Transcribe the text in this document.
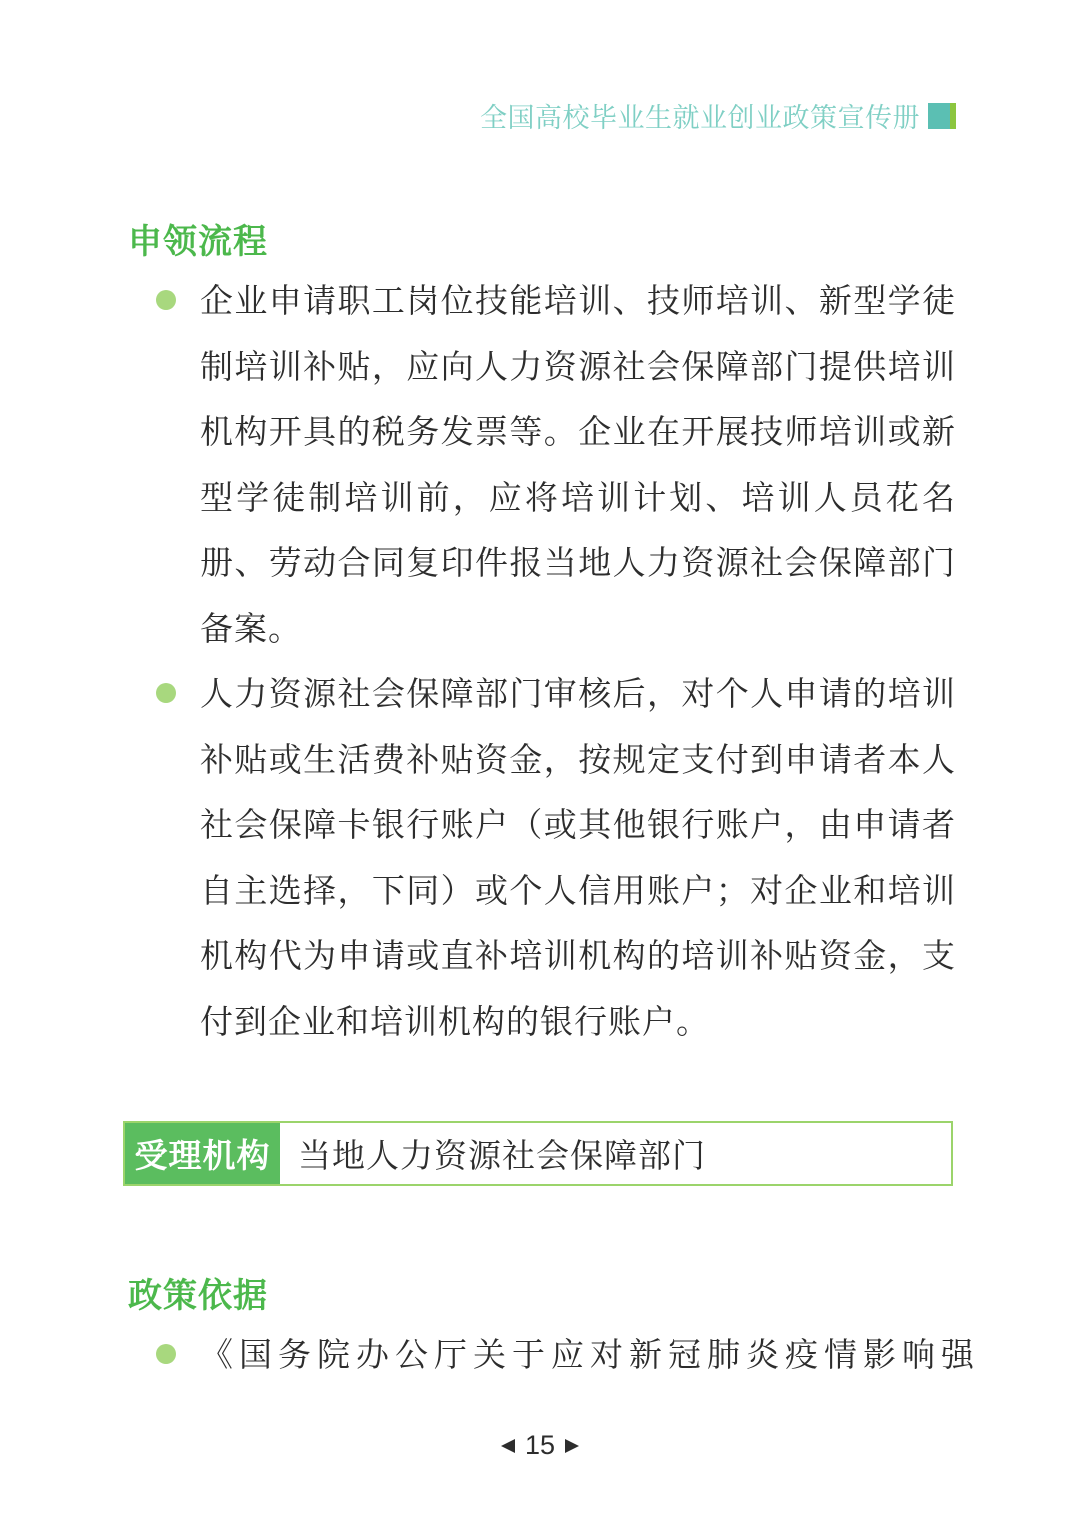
全国高校毕业生就业创业政策宣传册
申领流程
企业申请职工岗位技能培训、技师培训、新型学徒制培训补贴，应向人力资源社会保障部门提供培训机构开具的税务发票等。企业在开展技师培训或新型学徒制培训前，应将培训计划、培训人员花名册、劳动合同复印件报当地人力资源社会保障部门备案。
人力资源社会保障部门审核后，对个人申请的培训补贴或生活费补贴资金，按规定支付到申请者本人社会保障卡银行账户（或其他银行账户，由申请者自主选择，下同）或个人信用账户；对企业和培训机构代为申请或直补培训机构的培训补贴资金，支付到企业和培训机构的银行账户。
受理机构 当地人力资源社会保障部门
政策依据
《国务院办公厅关于应对新冠肺炎疫情影响强
15
